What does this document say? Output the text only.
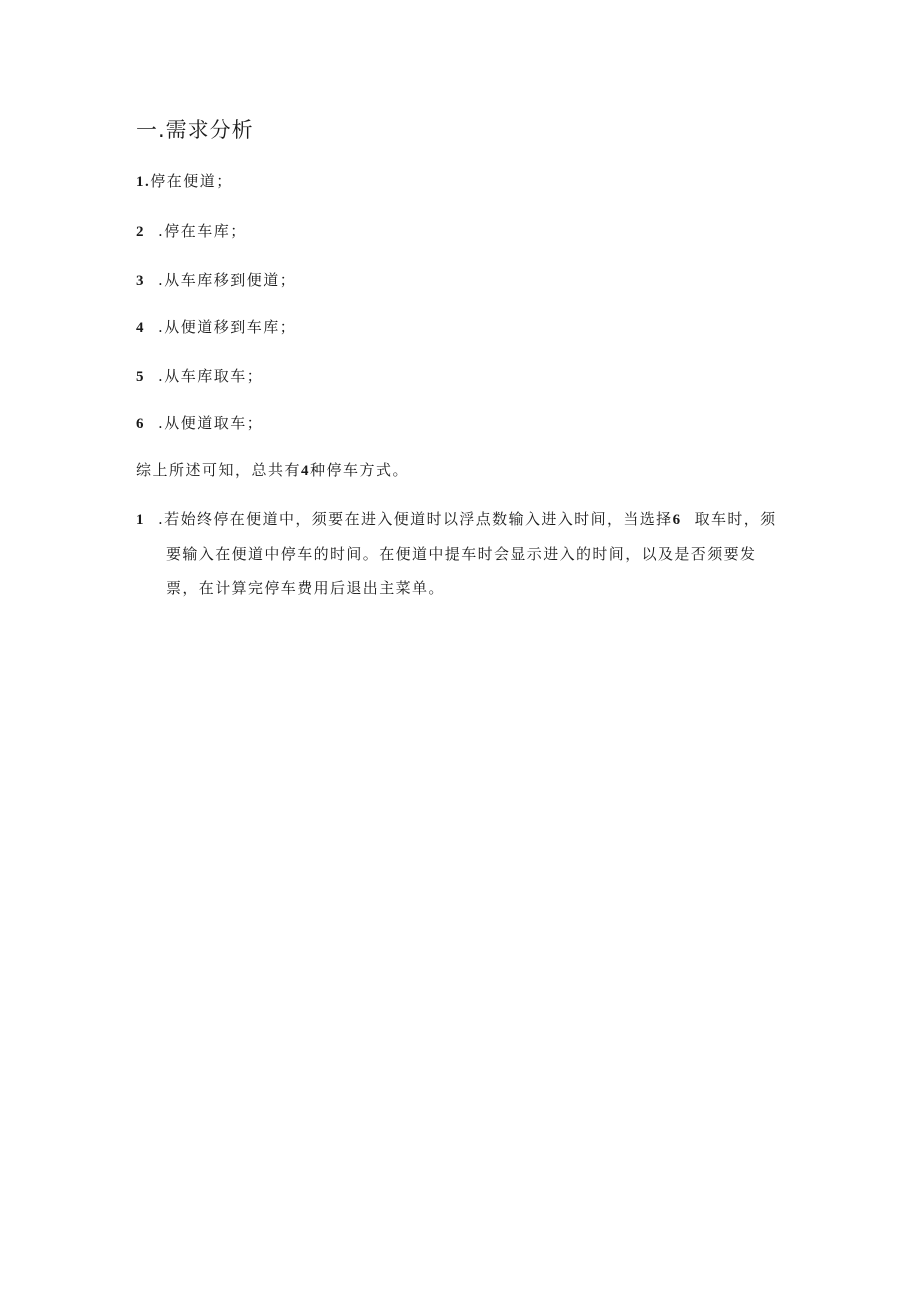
一.需求分析
1.停在便道；
2 .停在车库；
3 .从车库移到便道；
4 .从便道移到车库；
5 .从车库取车；
6 .从便道取车；
综上所述可知，总共有4种停车方式。
1 .若始终停在便道中，须要在进入便道时以浮点数输入进入时间，当选择6 取车时，须
要输入在便道中停车的时间。在便道中提车时会显示进入的时间，以及是否须要发
票，在计算完停车费用后退出主菜单。
